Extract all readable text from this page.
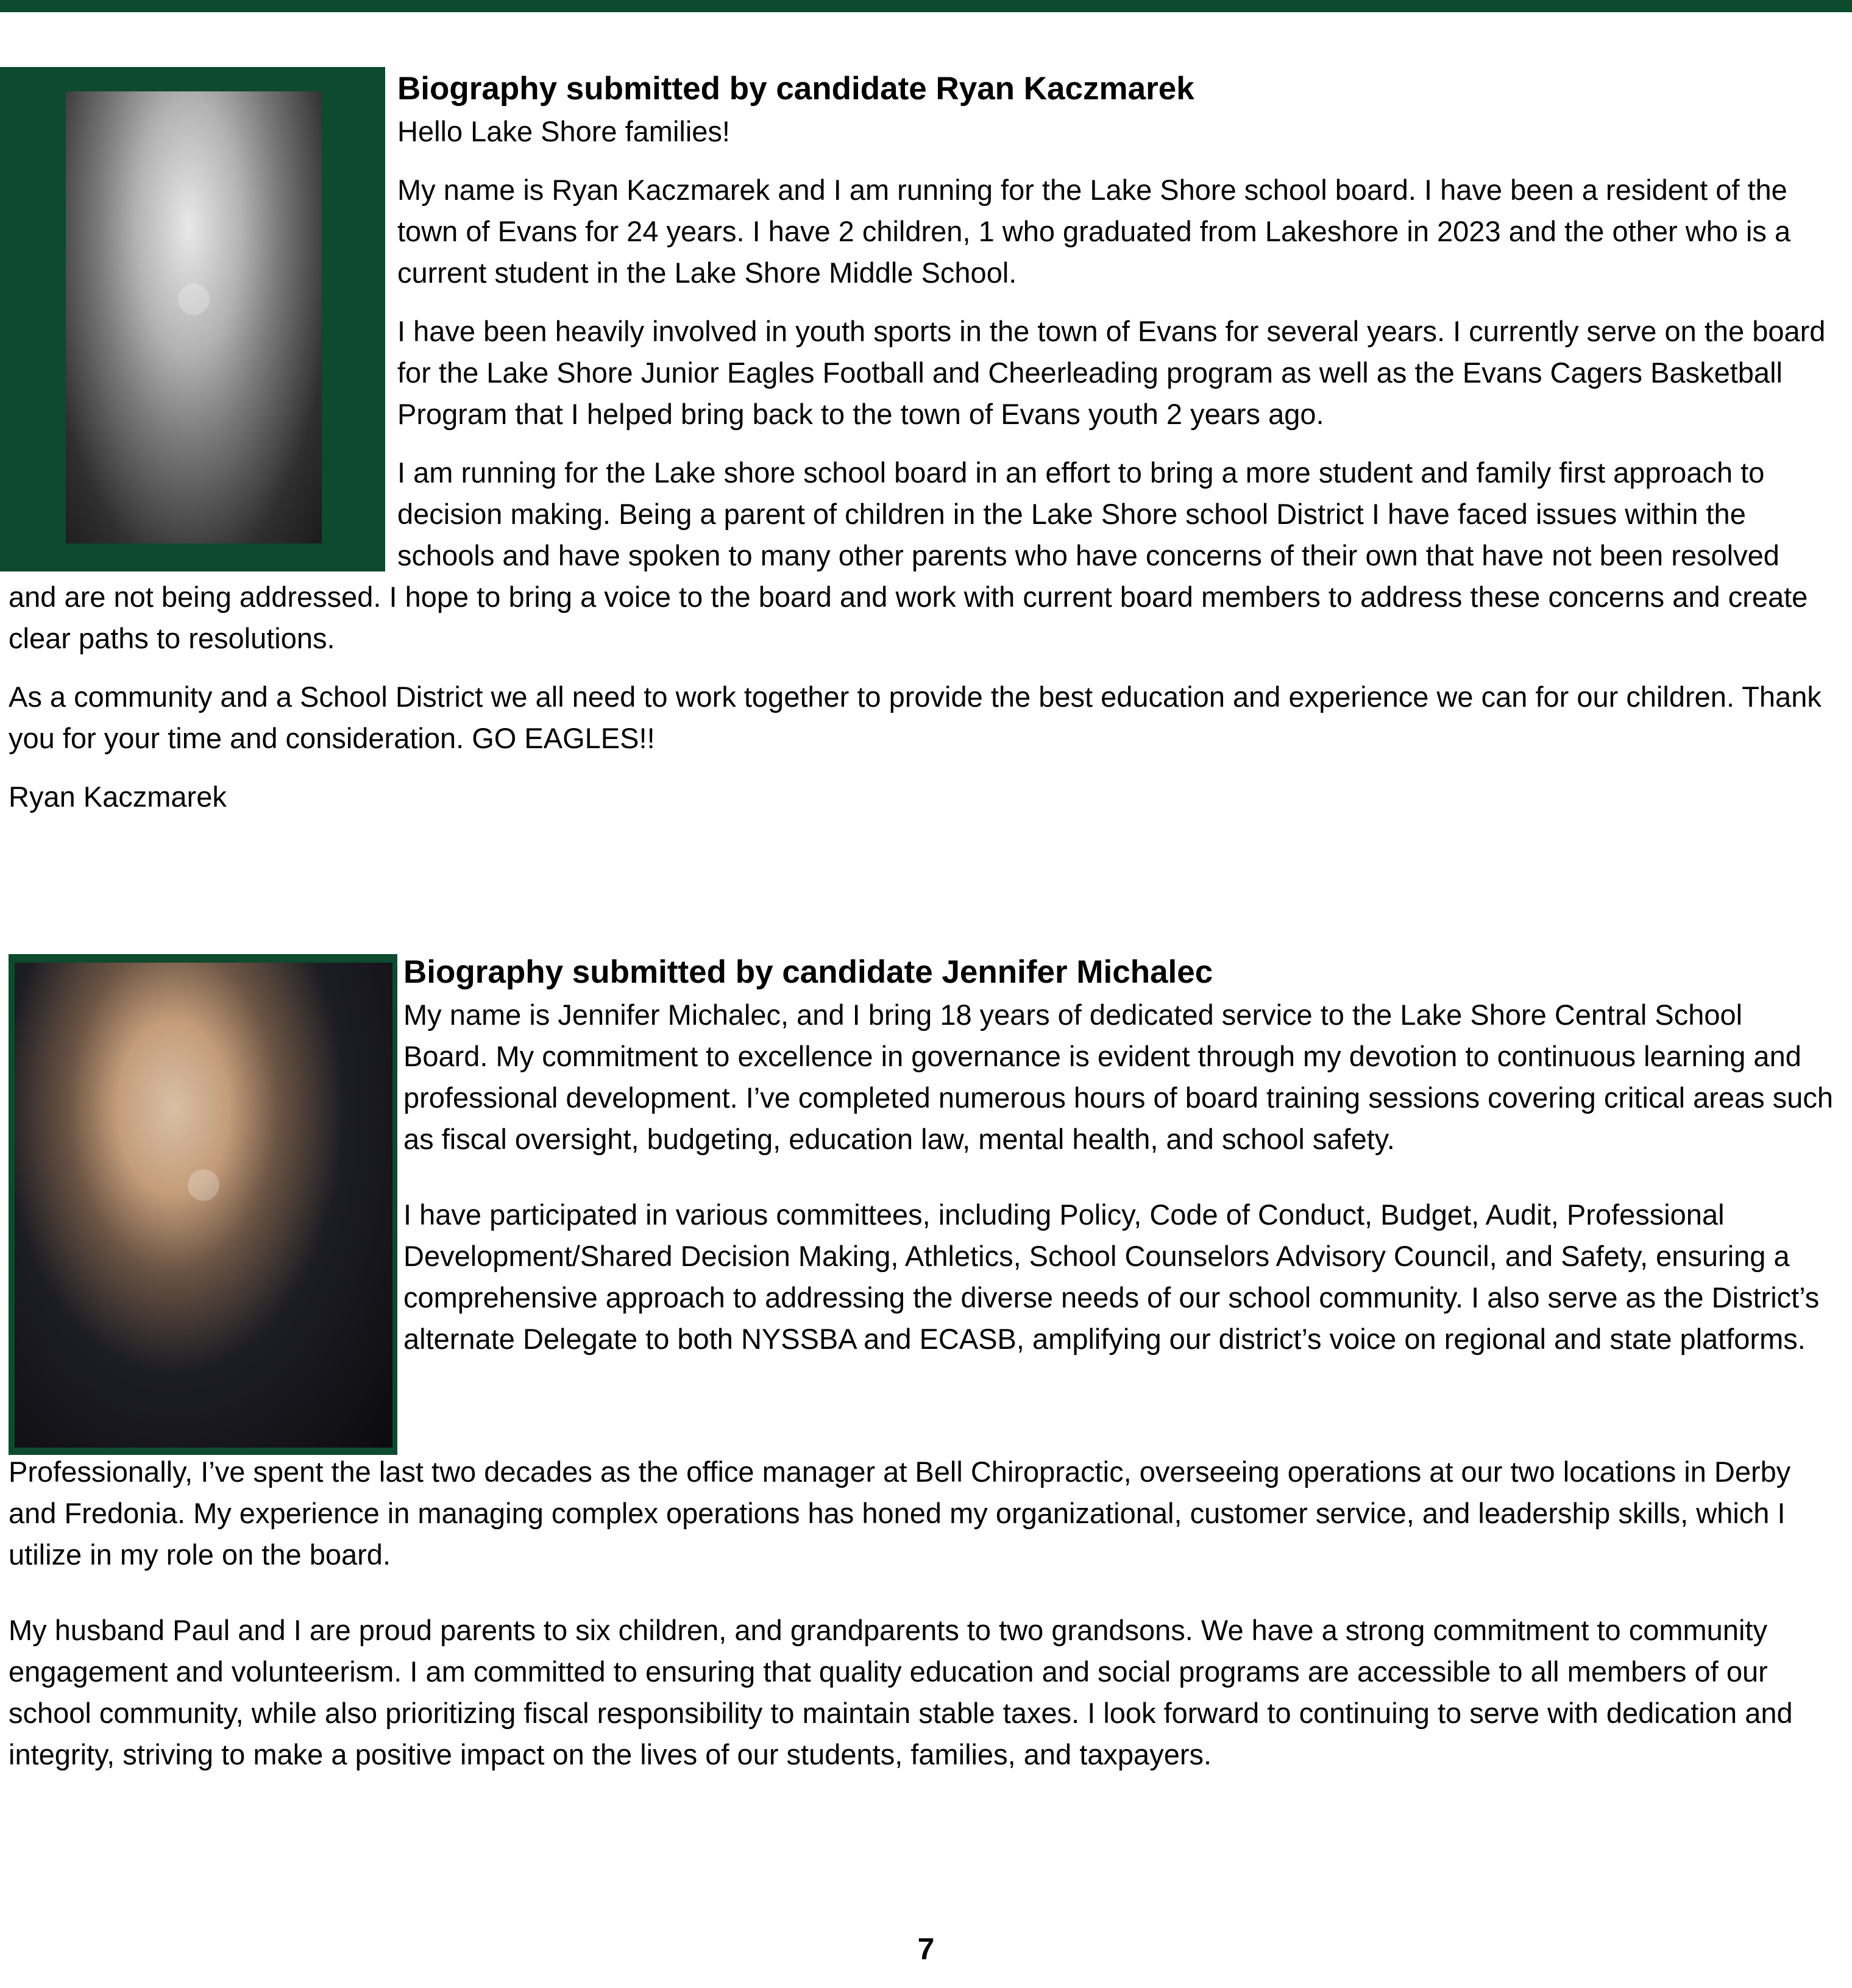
●
Biography submitted by candidate Ryan Kaczmarek

Hello Lake Shore families!

My name is Ryan Kaczmarek and I am running for the Lake Shore school board. I have been a resident of the town of Evans for 24 years. I have 2 children, 1 who graduated from Lakeshore in 2023 and the other who is a current student in the Lake Shore Middle School.

I have been heavily involved in youth sports in the town of Evans for several years. I currently serve on the board for the Lake Shore Junior Eagles Football and Cheerleading program as well as the Evans Cagers Basketball Program that I helped bring back to the town of Evans youth 2 years ago.

I am running for the Lake shore school board in an effort to bring a more student and family first approach to decision making. Being a parent of children in the Lake Shore school District I have faced issues within the schools and have spoken to many other parents who have concerns of their own that have not been resolved and are not being addressed. I hope to bring a voice to the board and work with current board members to address these concerns and create clear paths to resolutions.

As a community and a School District we all need to work together to provide the best education and experience we can for our children. Thank you for your time and consideration. GO EAGLES!!

Ryan Kaczmarek

●
Biography submitted by candidate Jennifer Michalec

My name is Jennifer Michalec, and I bring 18 years of dedicated service to the Lake Shore Central School Board. My commitment to excellence in governance is evident through my devotion to continuous learning and professional development. I’ve completed numerous hours of board training sessions covering critical areas such as fiscal oversight, budgeting, education law, mental health, and school safety.

I have participated in various committees, including Policy, Code of Conduct, Budget, Audit, Professional Development/Shared Decision Making, Athletics, School Counselors Advisory Council, and Safety, ensuring a comprehensive approach to addressing the diverse needs of our school community. I also serve as the District’s alternate Delegate to both NYSSBA and ECASB, amplifying our district’s voice on regional and state platforms.

Professionally, I’ve spent the last two decades as the office manager at Bell Chiropractic, overseeing operations at our two locations in Derby and Fredonia. My experience in managing complex operations has honed my organizational, customer service, and leadership skills, which I utilize in my role on the board.

My husband Paul and I are proud parents to six children, and grandparents to two grandsons. We have a strong commitment to community engagement and volunteerism. I am committed to ensuring that quality education and social programs are accessible to all members of our school community, while also prioritizing fiscal responsibility to maintain stable taxes. I look forward to continuing to serve with dedication and integrity, striving to make a positive impact on the lives of our students, families, and taxpayers.

7
